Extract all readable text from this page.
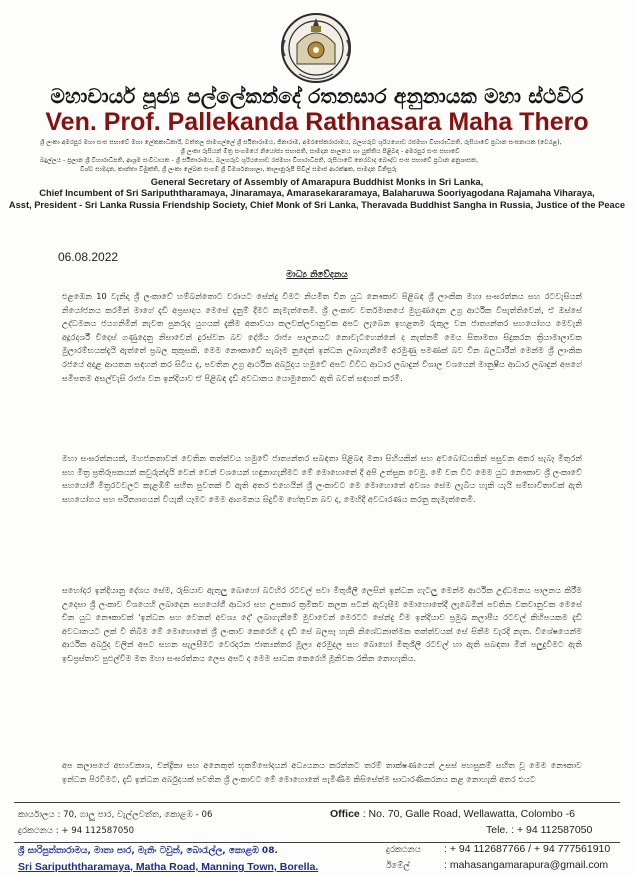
මහාචාර්ය පූජ්‍ය පල්ලේකන්දේ රතනසාර අනුනායක මහා ස්ථවිර
Ven. Prof. Pallekanda Rathnasara Maha Thero
ශ්‍රී ලංකා අමරපුර මහා සංඝ සභාවේ මහා ලේකකාධිකාරී, වත්තල ජාමගල්ලේ ශ්‍රී සර්‍රිතාරාමය, ජිනාරාම, අමරසේකරාරාමය, බලහරුව ශූරියගොඩ රජමහා විහාරාධිපති, රුසියාවේ ප්‍රධාන සංඝනායක (වෙරළ),
ශ්‍රී ලංකා රුසියන් මිත්‍ර සංගමයේ නියෝජ්‍ය සභාපති, සාමදාන පාලනය හා යුක්තිය පිළිබඳ - අමරපුර සංඝ සභාවේ
බදුල්ලය - ප්‍රලාන ශ්‍රී විහාරාධිපති, ආශ්‍රම සංවිධායක - ශ්‍රී සර්‍රිතාරාමය, බලහරුව ශූරියගොඩ රජමහා විහාරාධිපති, රුසියාවේ තෙරවාද බෞද්ධ සංඝ සභාවේ ප්‍රධාන අනුශාසක,
විශ්ව සාමදාන, කාන්තා විමුක්ති, ශ්‍රී ලංකා ලේඛක සංගම් ශ්‍රී විමර්ශනශාලා, කාලානුරූපී සිවිල් සමාජ ආරක්ෂක, සාමදාන විනිසුරු
General Secretary of Assembly of Amarapura Buddhist Monks in Sri Lanka,
Chief Incumbent of Sri Saripuththaramaya, Jinaramaya, Amarasekararamaya, Balaharuwa Sooriyagodana Rajamaha Viharaya,
Asst, President - Sri Lanka Russia Friendship Society, Chief Monk of Sri Lanka, Theravada Buddhist Sangha in Russia, Justice of the Peace
06.08.2022
මාධ්‍ය නිවේදනය

එළඹෙන 10 වැනිදා ශ්‍රී ලංකාවේ හම්බන්තොට වරායට සේන්දු වීමට නියමිත චීන යුධ නෞකාව පිළිබඳ ශ්‍රී ලාංකික මහා සංඝරත්නය සහ රටවැසියන් නියෝජනය කරමින් මාගේ දැඩි අප්‍රසාදය මෙසේ දැනුම් දීමට කැමැත්තෙමි. ශ්‍රී ලංකාව වර්තමානයේ මුහුණදෙන උග්‍ර ආර්ථික විපැත්තිවෙන්, ඒ ඔස්සේ උද්ධමනය ජයගනිමින් නැවත පුනරුද යුගයක් දැකීම අකාවයා කලවක්ලවානුවක අපට ලැබෙන ඉහළතම රුකුල වන ජාත්‍යන්තර සහයෝගය මෙවැනි අදූරදර්ශී විදෙස් ගණුදෙනු නිසාවෙන් දුරස්වන බව දේශීය රාජ්‍ය පාලනයට නොවැටහෙන්නේ ද නැත්නම් මෙය සිතාමතා සිදුකරන ක්‍රියාමාලාවක මුලාරම්භයක්දැයි ඇත්තේ ප්‍රබල කුකුසකි. මෙම නෞකාවේ සැබෑම නුදෙක් ඉන්ධන ලබාගැනීමේ අරමුණු පමණක් බව චීන බලධාරීන් මෙන්ම ශ්‍රී ලාංකික රජයේ අදාළ ආයතන සඳහන් කර සිටිය ද, පවතින උග්‍ර ආර්ථික අර්බුදය හමුවේ අපට විවිධ ආධාර ලබාදුන් විශාල වශයෙන් මානුෂීය ආධාර ලබාදුන් අපගේ සමීපතම අසල්වැසි රාජ්‍ය වන ඉන්දියාව ඒ පිළිබඳ දැඩි අවධානය යොමුකොට ඇති බවත් සඳහන් කරමි.

මහා සංඝරත්නයක්, මහජනතාවන් වෙතින තත්ත්වය හමුවේ ජාත්‍යන්තර සබඳතා පිළිබඳ මනා සිහියකින් සහ අවබෝධයකින් පසුවන අතර සැබෑ මිතුරන් සහ මිත්‍ර ප්‍රතිරූපකයන් කවුරුන්දැයි වෙන් වෙන් වශයෙන් හඳුනාගැනීමට මේ මොහොතේ දී අපි උත්සුක වෙමු. මේ වන විට මෙම යුධ නෞකාව ශ්‍රී ලංකාවේ සහයෝගී මිත්‍රරටවලට කැළඹීම් සහිත පුවතක් වී ඇති අතර එහෙයින් ශ්‍රී ලංකාවට මෙ මොහොතේ අවශ්‍ය සේම ලැබිය හැකි යැයි සම්භාවිතාවක් ඇති සහයෝගය සහ පරිත්‍යාගයන් වියැකී යෑමට මෙම ආගමනය සිදුවීම හේතුවන බව ද, මෙහිදී අවධාරණය කරනු කැමැත්තෙමි.

සහෝදර ඉන්දියානු දේශය සේම, රුසියාව ඇතුලු බොහෝ බටහිර රටවල් පවා මිතුශීලී ලෙසින් ඉන්ධන ගැටලු මෙන්ම ආර්ථික උද්ධමනය පාලනය කිරීම උදෙසා ශ්‍රී ලංකාව විශයෙහි ලබාදෙන සහයෝගී ආධාර සහ උපකාර ක්‍රමිකව කලක පටන් ඇවැසීම මොහොතේදී ලැබෙමින් පවතින වකවානුවක මෙසේ චීන යුධ නෞකාවක් 'ඉන්ධන සහ වෙනත් අවශ්‍ය දේ' ලබාගැනීමේ මුවාවෙන් මෙරටට සේන්දු වීම ඉන්දියාව ප්‍රමුඛ කලාපීය රටවල් කිහිපයකම දැඩි අවධානයට ලක් වී තිබීම මේ මොහොතේ ශ්‍රී ලංකාව කෙරෙහි ද දැඩි සේ බලපෑ හැකි නිශේධනාත්මක තත්ත්වයක් සේ සිතීම වැරදි නැත. විශේෂයෙන්ම ආර්ථික අර්බුද වලින් අපට සහන සැලසීමට වෙරදරන ජාත්‍යන්තර මූල්‍ය අරමුදල සහ බොහෝ මිතුශීලී රටවල් හා ඇති සබඳතා මින් පලුදුවීමට ඇති ඉඩප්‍රස්තාව පුළුල්වීම මත මහා සංඝරත්නය ලෙස අපට ද මෙම සාධක කෙරෙහි මූනිවක රකින නොහැකිය.

අප කලාපයේ අභ්‍යවකාශ, චන්ද්‍රිකා සහ අනෙකුත් භූකම්පෝදයන් අධ්‍යයනය කරන්නට තරම් තාක්ෂණයෙන් උසස් පහසුකම් සහිත වූ මෙම නෞකාව ඉන්ධන පිරවීමට, දැඩි ඉන්ධන අර්බුදයක් පවතින ශ්‍රී ලංකාවට මේ මොහොතේ පැමිණීම කිසිසේත්ම සාධාරණිකරනය කළ නොහැකි අතර එයට

කාර්යාලය : 70, ගාලු පාර, වැල්ලවත්ත, කොළඹ - 06
දුරකථනය : + 94 112587050
Office : No. 70, Galle Road, Wellawatta, Colombo -6
Tele. : + 94 112587050
ශ්‍රී සාරිපුත්තාරාමය, මාතා පාර, මැනිං ටවුන්, බොරැල්ල, කොළඹ 08.
Sri Saripuththaramaya, Matha Road, Manning Town, Borella.
දුරකථනය : + 94 112687766 / + 94 777561910
ඊමේල්	: mahasangamarapura@gmail.com
